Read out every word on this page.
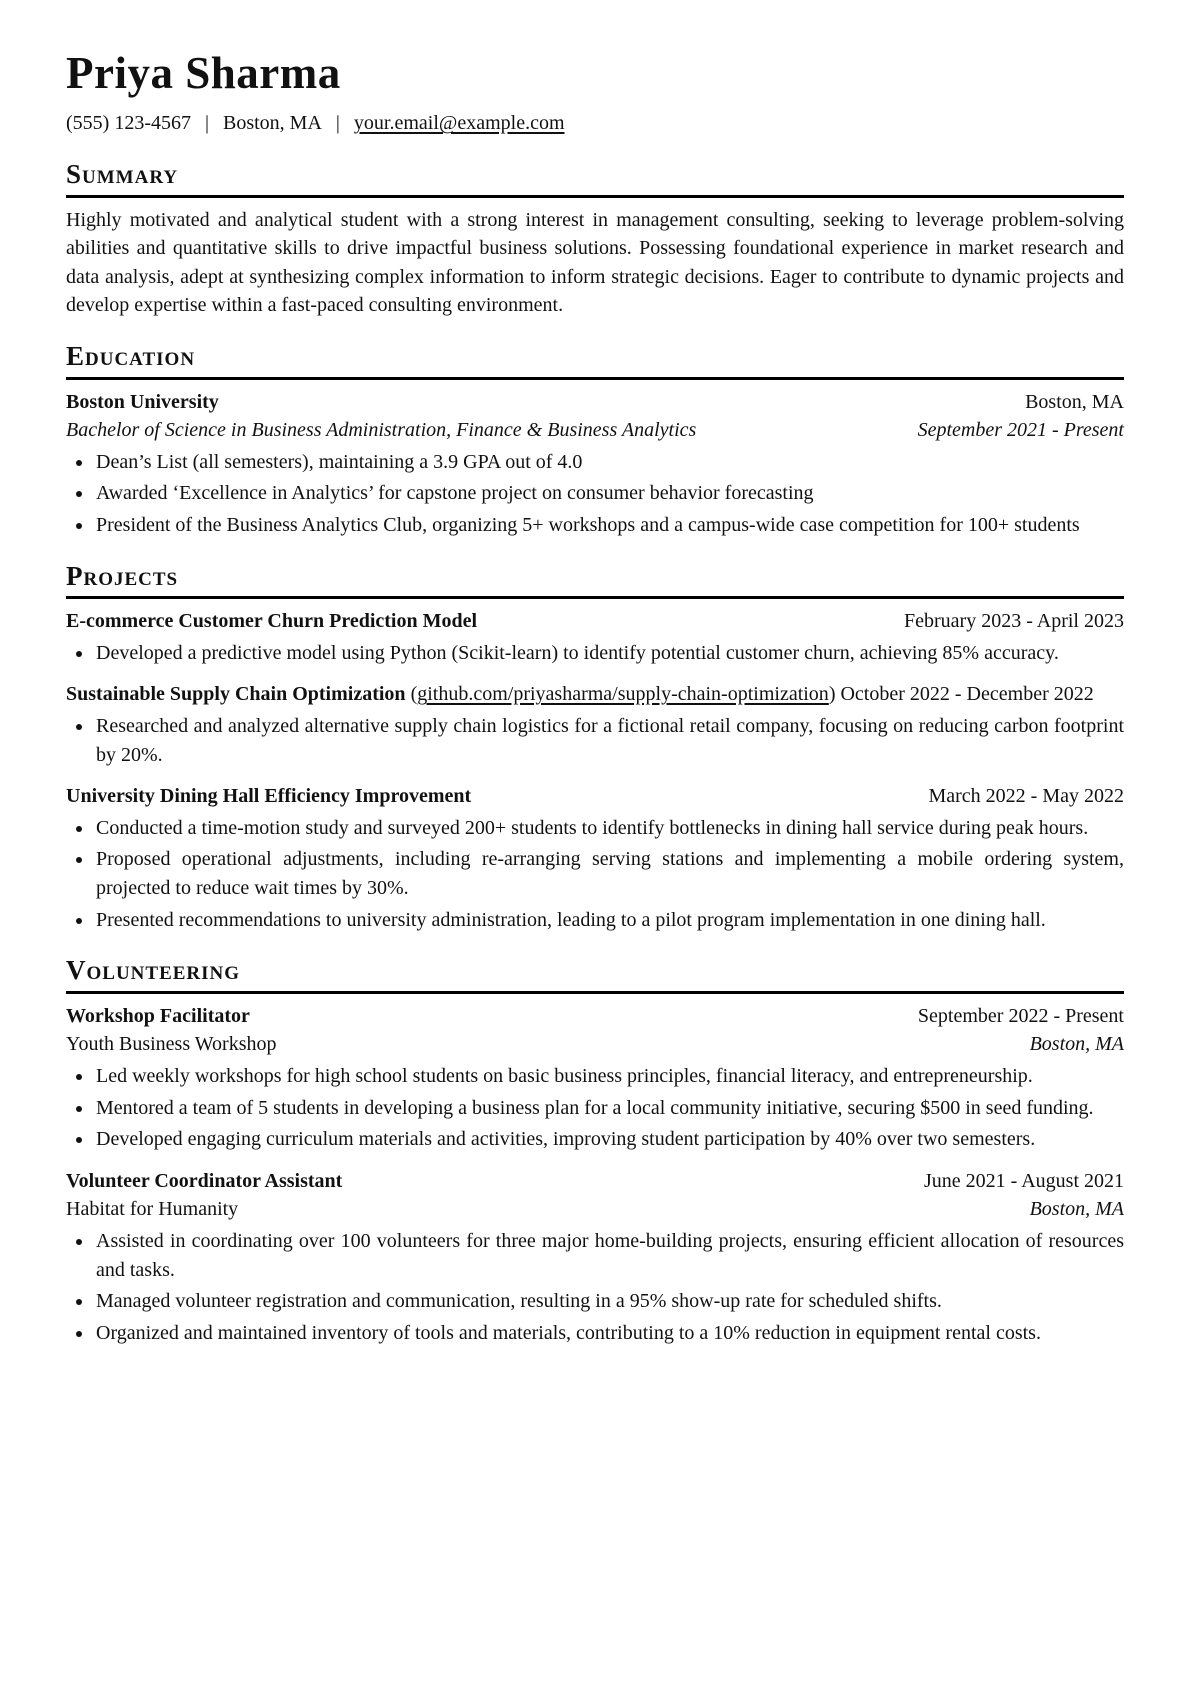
Priya Sharma
(555) 123-4567 | Boston, MA | your.email@example.com
Summary

Highly motivated and analytical student with a strong interest in management consulting, seeking to leverage problem-solving abilities and quantitative skills to drive impactful business solutions. Possessing foundational experience in market research and data analysis, adept at synthesizing complex information to inform strategic decisions. Eager to contribute to dynamic projects and develop expertise within a fast-paced consulting environment.

Education
Boston University	Boston, MA
Bachelor of Science in Business Administration, Finance & Business Analytics	September 2021 - Present
• Dean’s List (all semesters), maintaining a 3.9 GPA out of 4.0
• Awarded ‘Excellence in Analytics’ for capstone project on consumer behavior forecasting
• President of the Business Analytics Club, organizing 5+ workshops and a campus-wide case competition for 100+ students
Projects
E-commerce Customer Churn Prediction Model	February 2023 - April 2023
• Developed a predictive model using Python (Scikit-learn) to identify potential customer churn, achieving 85% accuracy.

Sustainable Supply Chain Optimization (github.com/priyasharma/supply-chain-optimization) October 2022 - December 2022

• Researched and analyzed alternative supply chain logistics for a fictional retail company, focusing on reducing carbon footprint by 20%.
University Dining Hall Efficiency Improvement	March 2022 - May 2022
• Conducted a time-motion study and surveyed 200+ students to identify bottlenecks in dining hall service during peak hours.
• Proposed operational adjustments, including re-arranging serving stations and implementing a mobile ordering system, projected to reduce wait times by 30%.
• Presented recommendations to university administration, leading to a pilot program implementation in one dining hall.
Volunteering
Workshop Facilitator	September 2022 - Present
Youth Business Workshop	Boston, MA
• Led weekly workshops for high school students on basic business principles, financial literacy, and entrepreneurship.
• Mentored a team of 5 students in developing a business plan for a local community initiative, securing $500 in seed funding.
• Developed engaging curriculum materials and activities, improving student participation by 40% over two semesters.
Volunteer Coordinator Assistant	June 2021 - August 2021
Habitat for Humanity	Boston, MA
• Assisted in coordinating over 100 volunteers for three major home-building projects, ensuring efficient allocation of resources and tasks.
• Managed volunteer registration and communication, resulting in a 95% show-up rate for scheduled shifts.
• Organized and maintained inventory of tools and materials, contributing to a 10% reduction in equipment rental costs.
